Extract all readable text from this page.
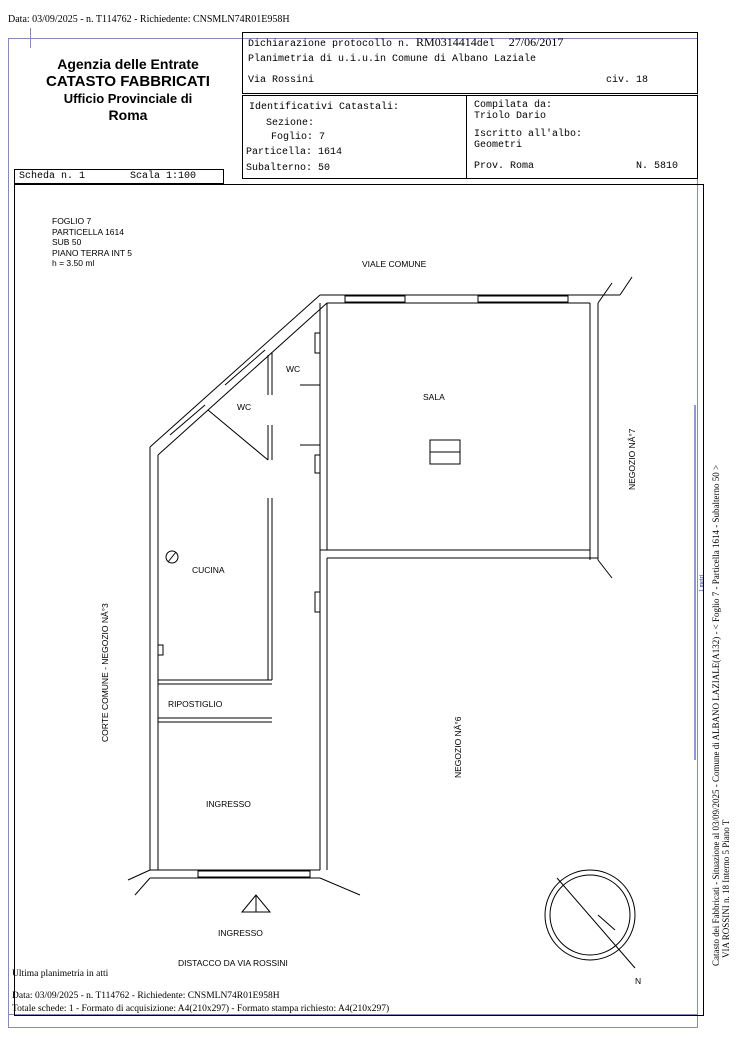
Data: 03/09/2025 - n. T114762 - Richiedente: CNSMLN74R01E958H
Agenzia delle Entrate
CATASTO FABBRICATI
Ufficio Provinciale di
Roma
Dichiarazione protocollo n. RM0314414del 27/06/2017
Planimetria di u.i.u.in Comune di Albano Laziale
Via Rossini	civ. 18
Identificativi Catastali:
Sezione:
Foglio: 7
Particella: 1614
Subalterno: 50
Compilata da:
Triolo Dario
Iscritto all'albo:
Geometri
Prov. Roma	N. 5810
Scheda n. 1	Scala 1:100
FOGLIO 7
PARTICELLA 1614
SUB 50
PIANO TERRA INT 5
h = 3.50 ml	VIALE COMUNE
WC
WC
SALA
CUCINA
RIPOSTIGLIO
INGRESSO
INGRESSO
DISTACCO DA VIA ROSSINI
N
NEGOZIO NÂ°7
CORTE COMUNE - NEGOZIO NÂ°3
NEGOZIO NÂ°6	Catasto dei Fabbricati - Situazione al 03/09/2025 - Comune di ALBANO LAZIALE(A132) - < Foglio 7 - Particella 1614 - Subalterno 50 > VIA ROSSINI n. 18 Interno 5 Piano T
1 metri
Ultima planimetria in atti
Data: 03/09/2025 - n. T114762 - Richiedente: CNSMLN74R01E958H
Totale schede: 1 - Formato di acquisizione: A4(210x297) - Formato stampa richiesto: A4(210x297)
